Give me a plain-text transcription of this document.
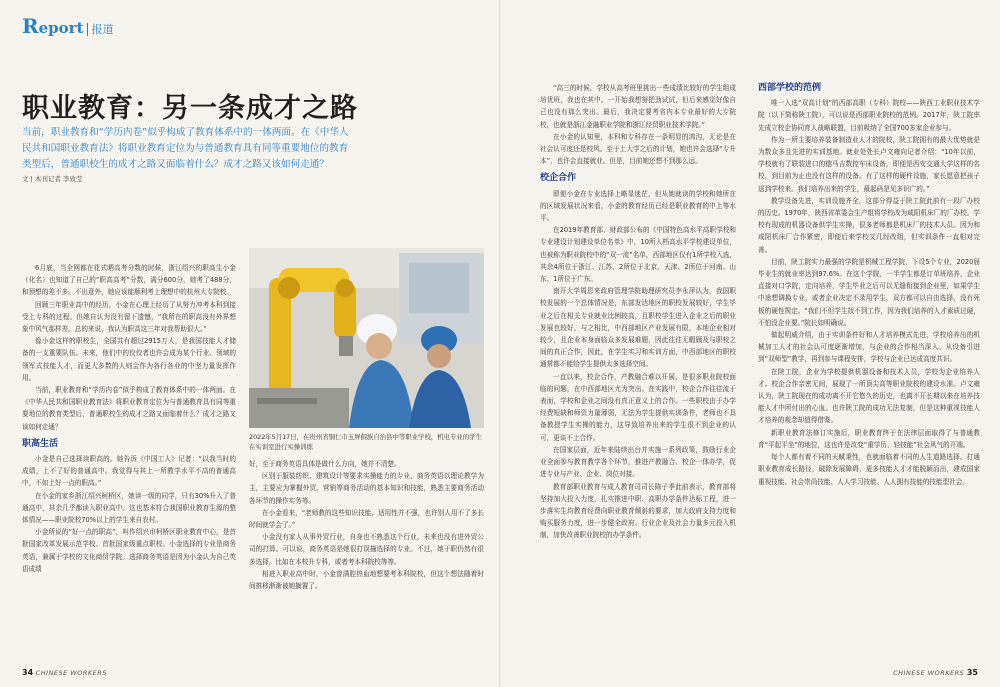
Report 报道
职业教育：另一条成才之路
当前，职业教育和“学历内卷”似乎构成了教育体系中的一体两面。在《中华人民共和国职业教育法》将职业教育定位为与普通教育具有同等重要地位的教育类型后，普通职校生的成才之路又面临着什么？成才之路又该如何走通？
文 | 本刊记者 李致莹

6月底，当全网都在花式晒高考分数的时候，浙江绍兴的职高生小金（化名）也知道了自己的“职高高考”分数，满分600分，她考了488分，和预想的差不多。不出意外，她应该能顺利考上理想中的杭州大专院校。

回顾三年职业高中的经历，小金在心理上经历了从努力冲考本科到接受上专科的过程。但她自认为没有留下遗憾，“我所在的职高没有外界想象中风气那样差。总的来说，我认为职高这三年对我帮助很大。”

像小金这样的职校生，全国共有超过2915万人，是我国技能人才储备的一支重要队伍。未来，他们中的佼佼者也许会成为某个行业、领域的领军式技能人才，而更大多数的人则会作为各行各业的中坚力量发挥作用。

当前，职业教育和“学历内卷”似乎构成了教育体系中的一体两面。在《中华人民共和国职业教育法》将职业教育定位为与普通教育具有同等重要地位的教育类型后，普通职校生的成才之路又面临着什么？成才之路又该如何走通？

职高生活

小金是自己选择读职高的。她告诉《中国工人》记者：“以我当时的成绩，上不了好的普通高中。我觉得与其上一所教学水平不高的普通高中，不如上好一点的职高。”

在小金的家乡浙江绍兴柯桥区，她读一级的同学，只有30%升入了普通高中，其余几乎都读入职业高中。这也基本符合我国职业教育生源的整体情况——职业院校70%以上的学生来自农村。

小金所说的“好一点的职高”，叫作绍兴市柯桥区职业教育中心，是首批国家改革发展示范学校、首批国家级重点职校。小金选择的专业是商务英语，兼属于学校的文化商贸学院。选择商务英语是因为小金认为自己英语成绩

2022年5月17日，在贵州省铜仁市玉屏侗族自治县中等职业学校，机电专业的学生在实训室进行实操训练

好，至于商务英语具体是做什么方向，她并不清楚。

区别于服装纺织、建筑设计等要求实操能力的专业，商务英语以理论教学为主，主要应为掌握外贸、营销等商务活动的基本知识和技能，熟悉主要商务活动各环节的操作实务等。

在小金看来，“老师教的这些知识技能，适用性并不强，也许别人用不了多长时间就学会了。”

小金没有家人从事外贸行业，自身也不熟悉这个行业，未来也没有进外贸公司的打算。可以说，商务英语是她很打误撞选择的专业。不过，她于职仍然有很多选择，比如在本校升专科，或者考本科院校等等。

相进入职业高中时，小金曾满腔热血地想要考本科院校，但这个想法随着时间推移渐渐被她搁置了。

34 CHINESE WORKERS

“高三的时候，学校从高考班里挑出一些成绩比较好的学生组成培优班，我也在其中。一开始我想努把劲试试，但后来感觉好像自己也没有那么突出。最后，我决定要考省内本专业最好的大专院校，也就是浙江金融职业学院和浙江经贸职业技术学院。”

在小金的认知里，本科和专科存在一条明显的鸿沟，无论是在社会认可度还是校风。至于上大学之后的计划，她也许会选择“专升本”，也许会直接就业。但是，目前她还想不到那么远。

校企合作

即便小金在专业选择上略显迷茫，但从她就读的学校和她所在的区域发展状况来看，小金的教育经历已经是职业教育的中上等水平。

在2019年教育部、财政部公布的《中国特色高水平高职学校和专业建设计划建设单位名单》中，10所入档高水平学校建设单位，也被称为职业院校中的“双一流”名单，西部地区仅有1所学校入选，其余4所位于浙江、江苏、2所位于北京、天津、2所位于河南、山东、1所位于广东。

南开大学周恩来政府管理学院助理研究员李永萍认为，我国职校发展的一个总体情况是，东部发达地区的职校发展较好，学生毕业之后在相关专业就业比例较高，且职校学生进入企业之后的职业发展也较好，与之相比，中西部地区产业发展有限，本地企业相对较少，且企业本身面临众多发展难题，因此往往无暇顾及与职校之间的真正合作，因此，在学生实习和实训方面，中西部地区的职校通常都不能给学生提供太多选择空间。

一直以来，校企合作，产教融合难以开展，是很多职业院校面临的问题，在中西部地区尤为突出。在实践中，校企合作往往流于表面，学校和企业之间没有真正意义上的合作。一些职校由于办学经费短缺和师资力量薄弱，无法为学生提供实训条件，老师也不具备教授学生实操的能力，这导致培养出来的学生很不到企业的认可，更谈不上合作。

在国家层面，近年来陆续出台并实施一系列政策，鼓励行业企业全面参与教育教学各个环节，推进产教融合、校企一体办学，促进专业与产业、企业、岗位对接。

教育部职业教育与成人教育司司长陈子季此前表示，教育部将坚持加大投入力度，扎实推进中职、高职办学条件达标工程，进一步落实生均教育经费向职业教育倾斜的要求，加大政府支持力度和购买服务力度，进一步健全政府、行业企业及社会力量多元投入机制，加快改善职业院校的办学条件。

西部学校的范例

唯一入选“双高计划”的西部高职（专科）院校——陕西工业职业技术学院（以下简称陕工院），可以说是西部职业院校的范例。2017年，陕工院率先成立校企协同育人战略联盟，目前吸纳了全国700多家企业参与。

作为一所主要培养装备制造业人才的院校，陕工院拥有的最大优势就是为数众多且先进的实训基地。就业处处长卢文雍向记者介绍：“10年以前，学校就有了联装进口的德马吉数控车床设备，即便是西安交通大学这样的名校，到目前为止也没有这样的设备。有了这样的硬件设施，家长愿意把孩子送到学校来。我们培养出来的学生，最起码是见多识广的。”

教学设备先进，实训设施齐全，这部分得益于陕工院此前有一段厂办校的历史。1970年，陕西省革委会生产组将学校改为咸阳机床厂的厂办校。学校有现成的机器设备供学生实操，很多老师都是机床厂的技术人员。因为和咸阳机床厂合作紧密，即便后来学校又几经改组，但实训条件一直相对完善。

目前，陕工院实力最强的学院是机械工程学院，下设5个专业，2020届毕业生的就业率达到97.6%。在这个学院，一半学生都是订单班培养，企业直接对口学院，定向培养，学生毕业之后可以无缝衔接到企业里，如果学生中途想调换专业，或者企业决定不录用学生，双方都可以自由选择，没有死板的硬性规定。“我们不但学生找不到工作，因为我们培养的人才素质过硬，不怕没企业要。”院长如明确说。

做起明威介绍，由于实训条件好和人才培养模式先进，学校培养出的机械加工人才的社会认可度逐渐增加，与企业的合作相当深入。从设备引进到“双师型”教学，再到参与课程安排，学校与企业已达成高度共识。

在陕工院，企业为学校提供机器设备和技术人员，学校为企业培养人才。校企合作亲密无间，展现了一所顶尖高等职业院校的建设水准。卢文雍认为，陕工院现在的成功离不开它悠久的历史，也离不开长期以来在培养技能人才中所付出的心血。也许陕工院的成功无法复制，但是这种重视技能人才培养的观念却值得借鉴。

新职业教育法修订实施后，职业教育终于在法律层面取得了与普通教育“平起平坐”的地位，这也许是改变“重学历、轻技能”社会风气的开端。

每个人都有着不同的天赋秉性，也就面临着不同的人生道路选择。打通职业教育成长路径，破除发展障碍，更多技能人才才能脱颖而出，建成国家重视技能、社会崇尚技能、人人学习技能、人人拥有技能的技能型社会。

CHINESE WORKERS 35
